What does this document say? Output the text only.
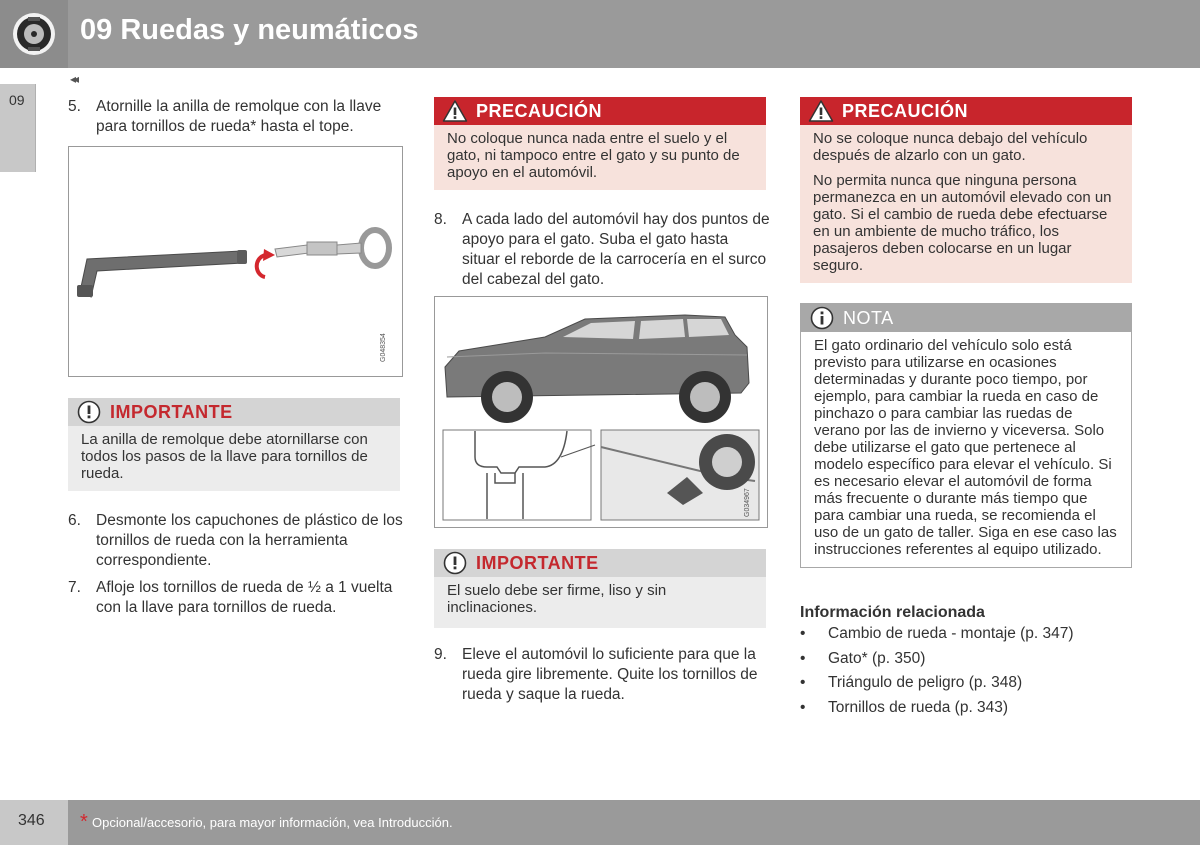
09 Ruedas y neumáticos
09
◂◂
5. Atornille la anilla de remolque con la llave para tornillos de rueda* hasta el tope.
G048354
IMPORTANTE
La anilla de remolque debe atornillarse con todos los pasos de la llave para tornillos de rueda.
6. Desmonte los capuchones de plástico de los tornillos de rueda con la herramienta correspondiente.
7. Afloje los tornillos de rueda de ½ a 1 vuelta con la llave para tornillos de rueda.
PRECAUCIÓN
No coloque nunca nada entre el suelo y el gato, ni tampoco entre el gato y su punto de apoyo en el automóvil.
8. A cada lado del automóvil hay dos puntos de apoyo para el gato. Suba el gato hasta situar el reborde de la carrocería en el surco del cabezal del gato.
G034967
IMPORTANTE
El suelo debe ser firme, liso y sin inclinaciones.
9. Eleve el automóvil lo suficiente para que la rueda gire libremente. Quite los tornillos de rueda y saque la rueda.
PRECAUCIÓN

No se coloque nunca debajo del vehículo después de alzarlo con un gato.

No permita nunca que ninguna persona permanezca en un automóvil elevado con un gato. Si el cambio de rueda debe efectuarse en un ambiente de mucho tráfico, los pasajeros deben colocarse en un lugar seguro.

NOTA
El gato ordinario del vehículo solo está previsto para utilizarse en ocasiones determinadas y durante poco tiempo, por ejemplo, para cambiar la rueda en caso de pinchazo o para cambiar las ruedas de verano por las de invierno y viceversa. Solo debe utilizarse el gato que pertenece al modelo específico para elevar el vehículo. Si es necesario elevar el automóvil de forma más frecuente o durante más tiempo que para cambiar una rueda, se recomienda el uso de un gato de taller. Siga en ese caso las instrucciones referentes al equipo utilizado.
Información relacionada
• Cambio de rueda - montaje (p. 347)
• Gato* (p. 350)
• Triángulo de peligro (p. 348)
• Tornillos de rueda (p. 343)
346 * Opcional/accesorio, para mayor información, vea Introducción.
